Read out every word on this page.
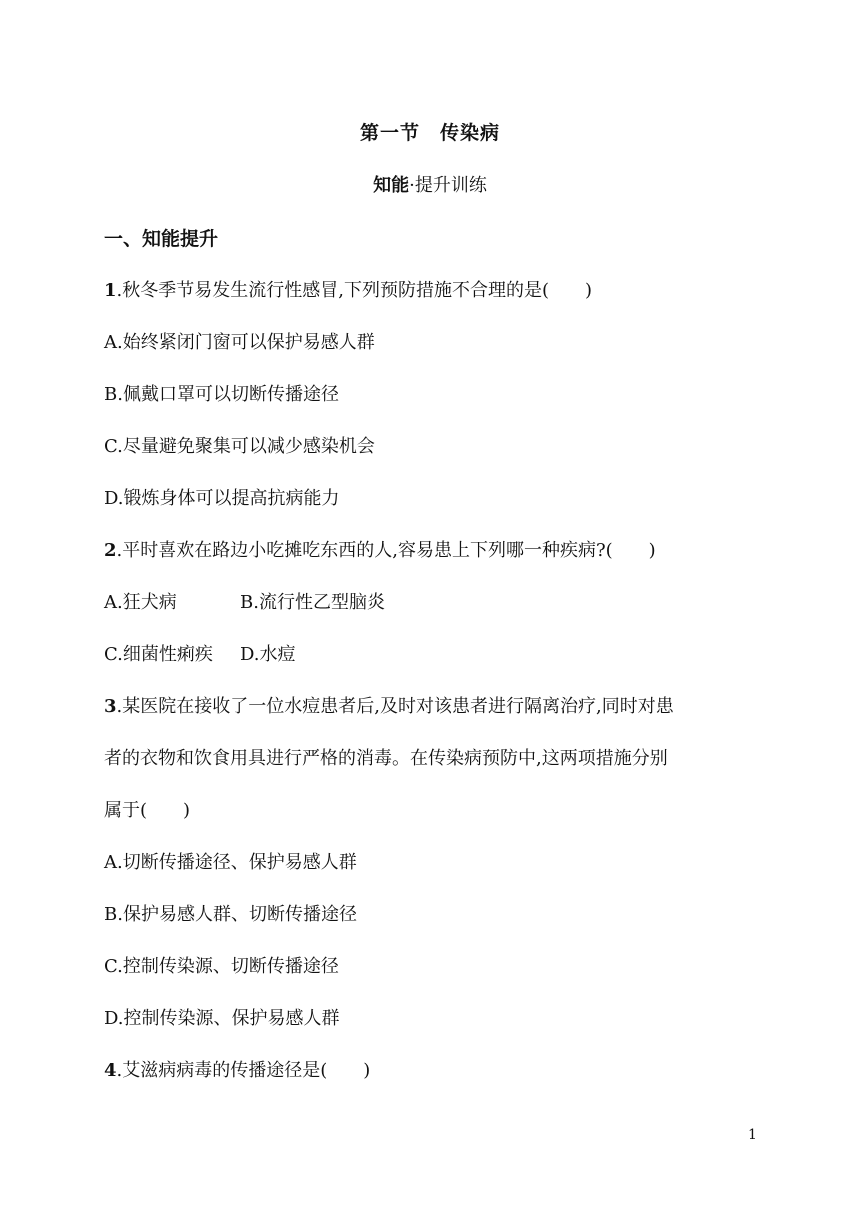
第一节 传染病
知能·提升训练
一、知能提升
1.秋冬季节易发生流行性感冒,下列预防措施不合理的是( )
A.始终紧闭门窗可以保护易感人群
B.佩戴口罩可以切断传播途径
C.尽量避免聚集可以减少感染机会
D.锻炼身体可以提高抗病能力
2.平时喜欢在路边小吃摊吃东西的人,容易患上下列哪一种疾病?( )
A.狂犬病	B.流行性乙型脑炎
C.细菌性痢疾 D.水痘
3.某医院在接收了一位水痘患者后,及时对该患者进行隔离治疗,同时对患
者的衣物和饮食用具进行严格的消毒。在传染病预防中,这两项措施分别
属于( )
A.切断传播途径、保护易感人群
B.保护易感人群、切断传播途径
C.控制传染源、切断传播途径
D.控制传染源、保护易感人群
4.艾滋病病毒的传播途径是( )
1
